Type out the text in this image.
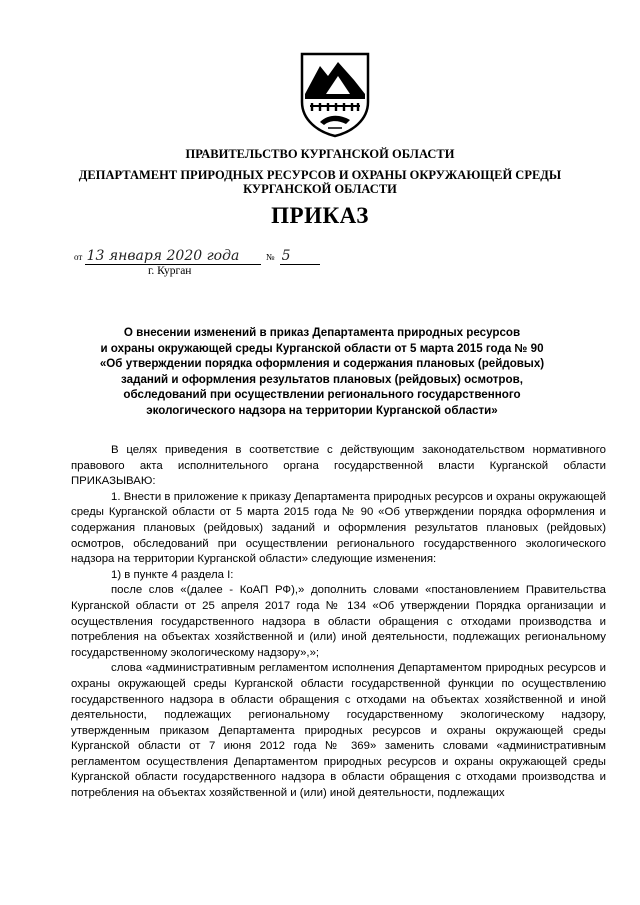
ПРАВИТЕЛЬСТВО КУРГАНСКОЙ ОБЛАСТИ
ДЕПАРТАМЕНТ ПРИРОДНЫХ РЕСУРСОВ И ОХРАНЫ ОКРУЖАЮЩЕЙ СРЕДЫ
КУРГАНСКОЙ ОБЛАСТИ
ПРИКАЗ
от 13 января 2020 года	№ 5
г. Курган
О внесении изменений в приказ Департамента природных ресурсов
и охраны окружающей среды Курганской области от 5 марта 2015 года № 90
«Об утверждении порядка оформления и содержания плановых (рейдовых)
заданий и оформления результатов плановых (рейдовых) осмотров,
обследований при осуществлении регионального государственного
экологического надзора на территории Курганской области»

В целях приведения в соответствие с действующим законодательством нормативного правового акта исполнительного органа государственной власти Курганской области ПРИКАЗЫВАЮ:

1. Внести в приложение к приказу Департамента природных ресурсов и охраны окружающей среды Курганской области от 5 марта 2015 года № 90 «Об утверждении порядка оформления и содержания плановых (рейдовых) заданий и оформления результатов плановых (рейдовых) осмотров, обследований при осуществлении регионального государственного экологического надзора на территории Курганской области» следующие изменения:

1) в пункте 4 раздела I:

после слов «(далее - КоАП РФ),» дополнить словами «постановлением Правительства Курганской области от 25 апреля 2017 года № 134 «Об утверждении Порядка организации и осуществления государственного надзора в области обращения с отходами производства и потребления на объектах хозяйственной и (или) иной деятельности, подлежащих региональному государственному экологическому надзору»,»;

слова «административным регламентом исполнения Департаментом природных ресурсов и охраны окружающей среды Курганской области государственной функции по осуществлению государственного надзора в области обращения с отходами на объектах хозяйственной и иной деятельности, подлежащих региональному государственному экологическому надзору, утвержденным приказом Департамента природных ресурсов и охраны окружающей среды Курганской области от 7 июня 2012 года № 369» заменить словами «административным регламентом осуществления Департаментом природных ресурсов и охраны окружающей среды Курганской области государственного надзора в области обращения с отходами производства и потребления на объектах хозяйственной и (или) иной деятельности, подлежащих
